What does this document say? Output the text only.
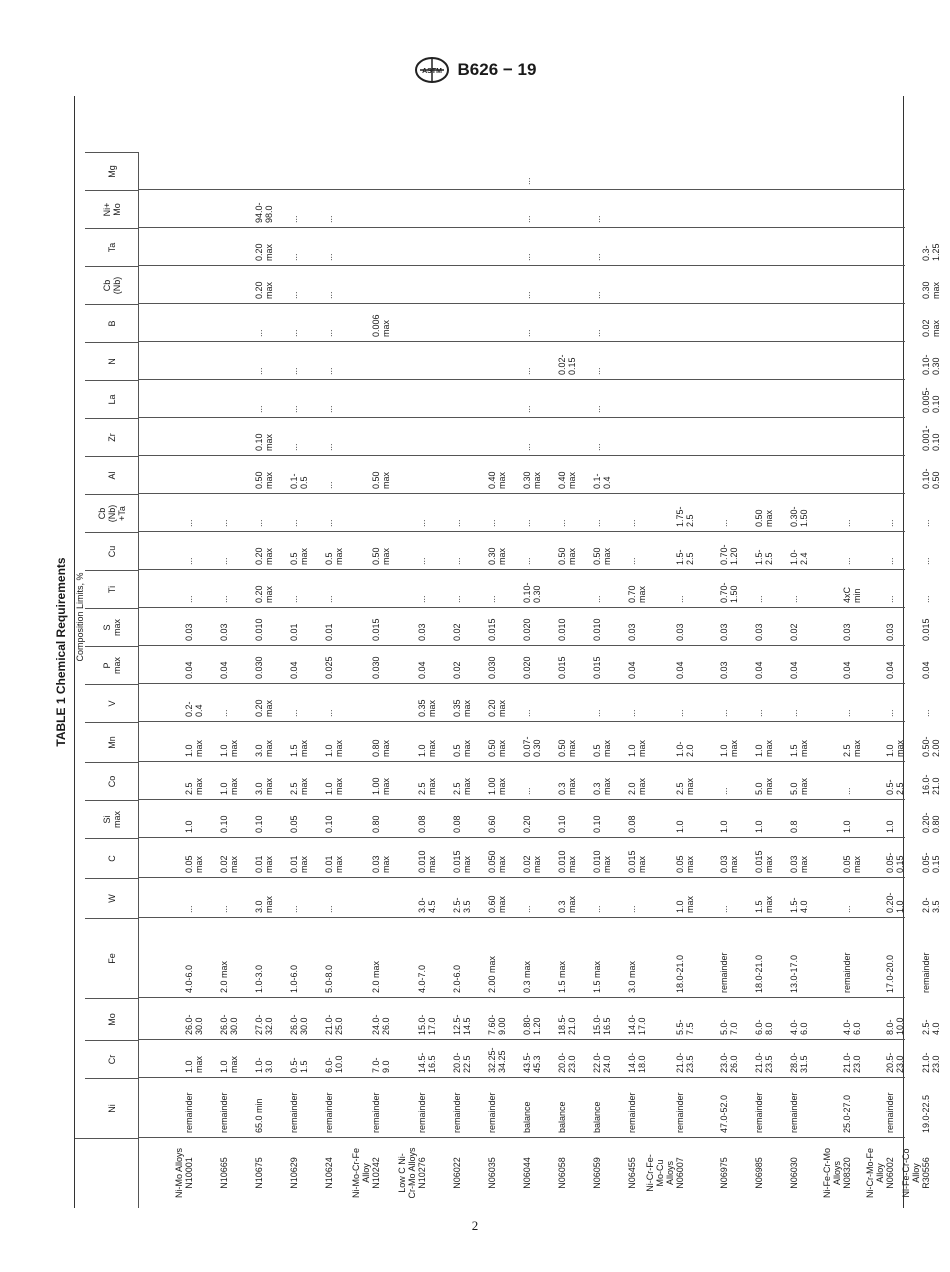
ASTM B626 − 19
TABLE 1 Chemical Requirements Composition Limits, %
Ni
Cr
Mo
Fe
W
C
Si
max
Co
Mn
V
P
max
S
max
Ti
Cu
Cb
(Nb)
+Ta
Al
Zr
La
N
B
Cb
(Nb)
Ta
Ni+
Mo
Mg
Ni-Mo Alloys
N10001
remainder
1.0
max
26.0-
30.0
4.0-6.0
...
0.05
max
1.0
2.5
max
1.0
max
0.2-
0.4
0.04
0.03
...
...
...
N10665
remainder
1.0
max
26.0-
30.0
2.0 max
...
0.02
max
0.10
1.0
max
1.0
max
...
0.04
0.03
...
...
...
N10675
65.0 min
1.0-
3.0
27.0-
32.0
1.0-3.0
3.0
max
0.01
max
0.10
3.0
max
3.0
max
0.20
max
0.030
0.010
0.20
max
0.20
max
...
0.50
max
0.10
max
...
...
...
0.20
max
0.20
max
94.0-
98.0
N10629
remainder
0.5-
1.5
26.0-
30.0
1.0-6.0
...
0.01
max
0.05
2.5
max
1.5
max
...
0.04
0.01
...
0.5
max
...
0.1-
0.5
...
...
...
...
...
...
...
N10624
remainder
6.0-
10.0
21.0-
25.0
5.0-8.0
...
0.01
max
0.10
1.0
max
1.0
max
...
0.025
0.01
...
0.5
max
...
...
...
...
...
...
...
...
...
Ni-Mo-Cr-Fe
Alloy
N10242
remainder
7.0-
9.0
24.0-
26.0
2.0 max
0.03
max
0.80
1.00
max
0.80
max
0.030
0.015
0.50
max
0.50
max
0.006
max
Low C Ni-
Cr-Mo Alloys
N10276
remainder
14.5-
16.5
15.0-
17.0
4.0-7.0
3.0-
4.5
0.010
max
0.08
2.5
max
1.0
max
0.35
max
0.04
0.03
...
...
...
N06022
remainder
20.0-
22.5
12.5-
14.5
2.0-6.0
2.5-
3.5
0.015
max
0.08
2.5
max
0.5
max
0.35
max
0.02
0.02
...
...
...
N06035
remainder
32.25-
34.25
7.60-
9.00
2.00 max
0.60
max
0.050
max
0.60
1.00
max
0.50
max
0.20
max
0.030
0.015
...
0.30
max
...
0.40
max
N06044
balance
43.5-
45.3
0.80-
1.20
0.3 max
...
0.02
max
0.20
...
0.07-
0.30
...
0.020
0.020
0.10-
0.30
...
...
0.30
max
...
...
...
...
...
...
...
...
N06058
balance
20.0-
23.0
18.5-
21.0
1.5 max
0.3
max
0.010
max
0.10
0.3
max
0.50
max
0.015
0.010
0.50
max
...
0.40
max
0.02-
0.15
N06059
balance
22.0-
24.0
15.0-
16.5
1.5 max
...
0.010
max
0.10
0.3
max
0.5
max
...
0.015
0.010
...
0.50
max
...
0.1-
0.4
...
...
...
...
...
...
...
N06455
remainder
14.0-
18.0
14.0-
17.0
3.0 max
...
0.015
max
0.08
2.0
max
1.0
max
...
0.04
0.03
0.70
max
...
...
Ni-Cr-Fe-
Mo-Cu
Alloys
N06007
remainder
21.0-
23.5
5.5-
7.5
18.0-21.0
1.0
max
0.05
max
1.0
2.5
max
1.0-
2.0
...
0.04
0.03
...
1.5-
2.5
1.75-
2.5
N06975
47.0-52.0
23.0-
26.0
5.0-
7.0
remainder
...
0.03
max
1.0
...
1.0
max
...
0.03
0.03
0.70-
1.50
0.70-
1.20
...
N06985
remainder
21.0-
23.5
6.0-
8.0
18.0-21.0
1.5
max
0.015
max
1.0
5.0
max
1.0
max
...
0.04
0.03
...
1.5-
2.5
0.50
max
N06030
remainder
28.0-
31.5
4.0-
6.0
13.0-17.0
1.5-
4.0
0.03
max
0.8
5.0
max
1.5
max
...
0.04
0.02
...
1.0-
2.4
0.30-
1.50
Ni-Fe-Cr-Mo
Alloys
N08320
25.0-27.0
21.0-
23.0
4.0-
6.0
remainder
...
0.05
max
1.0
...
2.5
max
...
0.04
0.03
4xC
min
...
...
Ni-Cr-Mo-Fe
Alloy
N06002
remainder
20.5-
23.0
8.0-
10.0
17.0-20.0
0.20-
1.0
0.05-
0.15
1.0
0.5-
2.5
1.0
max
...
0.04
0.03
...
...
...
Ni-Fe-Cr-Co
Alloy
R30556
19.0-22.5
21.0-
23.0
2.5-
4.0
remainder
2.0-
3.5
0.05-
0.15
0.20-
0.80
16.0-
21.0
0.50-
2.00
...
0.04
0.015
...
...
...
0.10-
0.50
0.001-
0.10
0.005-
0.10
0.10-
0.30
0.02
max
0.30
max
0.3-
1.25
2
